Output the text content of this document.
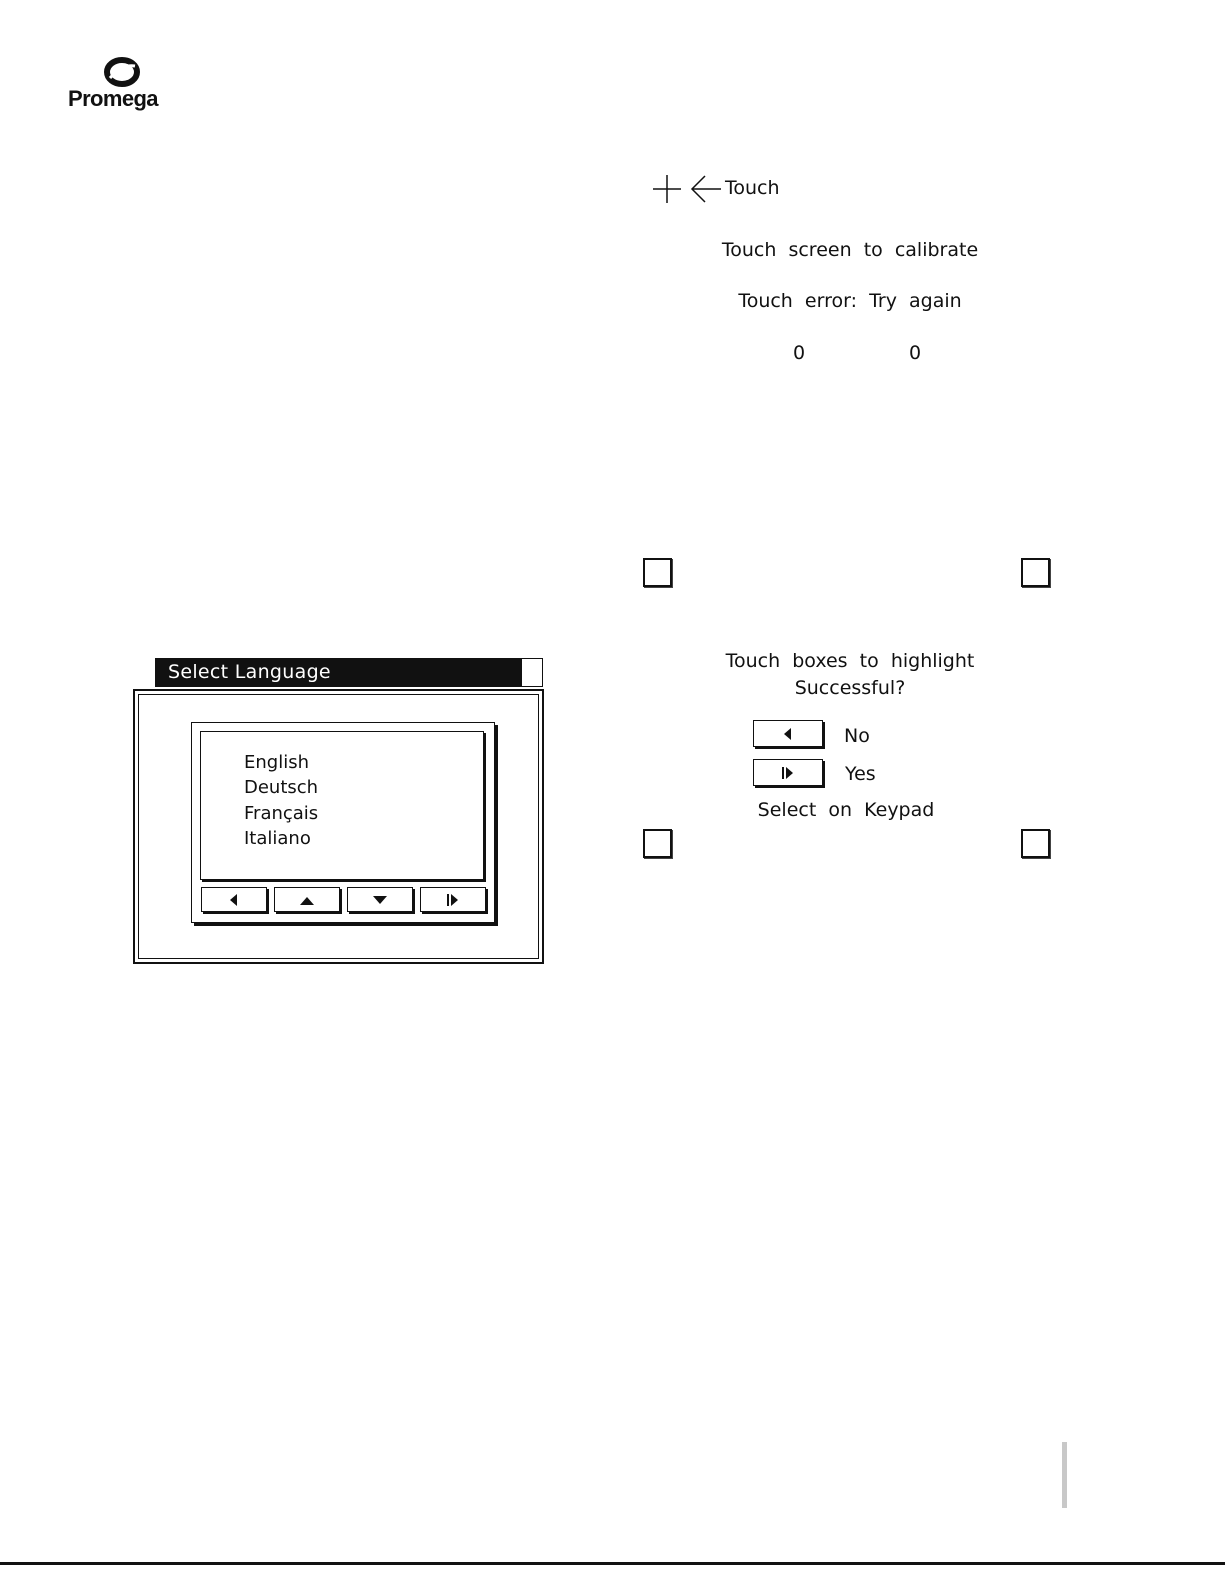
Promega
Select Language
English
Deutsch
Français
Italiano
Touch
Touch  screen  to  calibrate
Touch  error:  Try  again
0	0
Touch  boxes  to  highlight
Successful?
No
Yes
Select  on  Keypad
